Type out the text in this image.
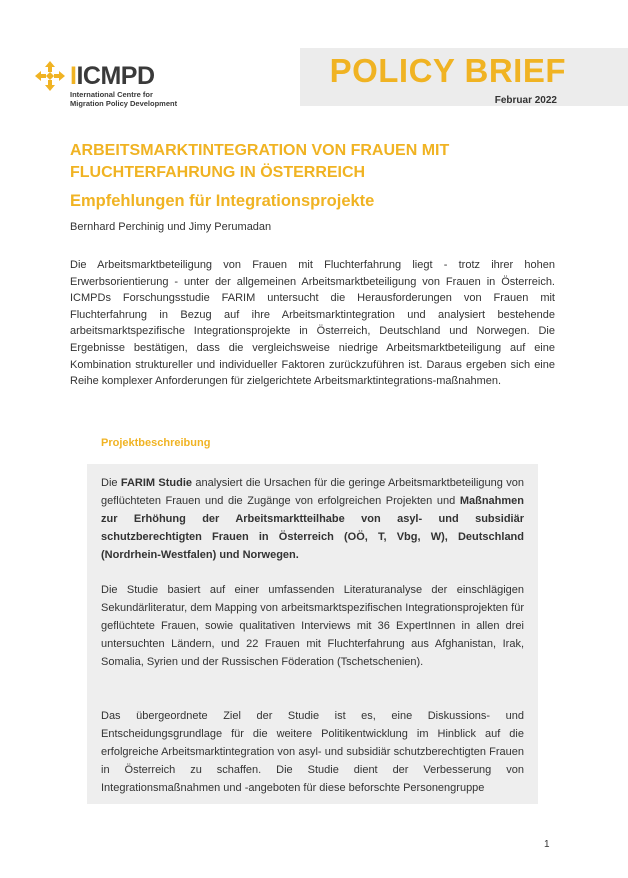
IICMPD
International Centre for
Migration Policy Development
POLICY BRIEF
Februar 2022
ARBEITSMARKTINTEGRATION VON FRAUEN MIT FLUCHTERFAHRUNG IN ÖSTERREICH
Empfehlungen für Integrationsprojekte
Bernhard Perchinig und Jimy Perumadan

Die Arbeitsmarktbeteiligung von Frauen mit Fluchterfahrung liegt - trotz ihrer hohen Erwerbsorientierung - unter der allgemeinen Arbeitsmarktbeteiligung von Frauen in Österreich. ICMPDs Forschungsstudie FARIM untersucht die Herausforderungen von Frauen mit Fluchterfahrung in Bezug auf ihre Arbeitsmarktintegration und analysiert bestehende arbeitsmarktspezifische Integrationsprojekte in Österreich, Deutschland und Norwegen. Die Ergebnisse bestätigen, dass die vergleichsweise niedrige Arbeitsmarktbeteiligung auf eine Kombination struktureller und individueller Faktoren zurückzuführen ist. Daraus ergeben sich eine Reihe komplexer Anforderungen für zielgerichtete Arbeitsmarktintegrations-maßnahmen.

Projektbeschreibung

Die FARIM Studie analysiert die Ursachen für die geringe Arbeitsmarktbeteiligung von geflüchteten Frauen und die Zugänge von erfolgreichen Projekten und Maßnahmen zur Erhöhung der Arbeitsmarktteilhabe von asyl- und subsidiär schutzberechtigten Frauen in Österreich (OÖ, T, Vbg, W), Deutschland (Nordrhein-Westfalen) und Norwegen.

Die Studie basiert auf einer umfassenden Literaturanalyse der einschlägigen Sekundärliteratur, dem Mapping von arbeitsmarktspezifischen Integrationsprojekten für geflüchtete Frauen, sowie qualitativen Interviews mit 36 ExpertInnen in allen drei untersuchten Ländern, und 22 Frauen mit Fluchterfahrung aus Afghanistan, Irak, Somalia, Syrien und der Russischen Föderation (Tschetschenien).

Das übergeordnete Ziel der Studie ist es, eine Diskussions- und Entscheidungsgrundlage für die weitere Politikentwicklung im Hinblick auf die erfolgreiche Arbeitsmarktintegration von asyl- und subsidiär schutzberechtigten Frauen in Österreich zu schaffen. Die Studie dient der Verbesserung von Integrationsmaßnahmen und -angeboten für diese beforschte Personengruppe

1
